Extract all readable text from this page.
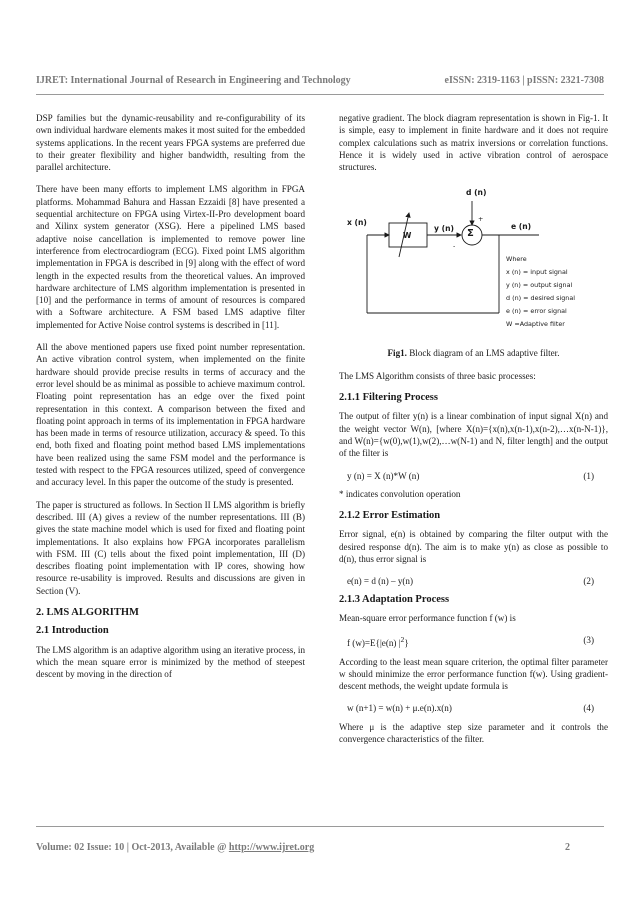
IJRET: International Journal of Research in Engineering and Technology	eISSN: 2319-1163 | pISSN: 2321-7308

DSP families but the dynamic-reusability and re-configurability of its own individual hardware elements makes it most suited for the embedded systems applications. In the recent years FPGA systems are preferred due to their greater flexibility and higher bandwidth, resulting from the parallel architecture.

There have been many efforts to implement LMS algorithm in FPGA platforms. Mohammad Bahura and Hassan Ezzaidi [8] have presented a sequential architecture on FPGA using Virtex-II-Pro development board and Xilinx system generator (XSG). Here a pipelined LMS based adaptive noise cancellation is implemented to remove power line interference from electrocardiogram (ECG). Fixed point LMS algorithm implementation in FPGA is described in [9] along with the effect of word length in the expected results from the theoretical values. An improved hardware architecture of LMS algorithm implementation is presented in [10] and the performance in terms of amount of resources is compared with a Software architecture. A FSM based LMS adaptive filter implemented for Active Noise control systems is described in [11].

All the above mentioned papers use fixed point number representation. An active vibration control system, when implemented on the finite hardware should provide precise results in terms of accuracy and the error level should be as minimal as possible to achieve maximum control. Floating point representation has an edge over the fixed point representation in this context. A comparison between the fixed and floating point approach in terms of its implementation in FPGA hardware has been made in terms of resource utilization, accuracy & speed. To this end, both fixed and floating point method based LMS implementations have been realized using the same FSM model and the performance is tested with respect to the FPGA resources utilized, speed of convergence and accuracy level. In this paper the outcome of the study is presented.

The paper is structured as follows. In Section II LMS algorithm is briefly described. III (A) gives a review of the number representations. III (B) gives the state machine model which is used for fixed and floating point implementations. It also explains how FPGA incorporates parallelism with FSM. III (C) tells about the fixed point implementation, III (D) describes floating point implementation with IP cores, showing how resource re-usability is improved. Results and discussions are given in Section (V).

2. LMS ALGORITHM
2.1 Introduction

The LMS algorithm is an adaptive algorithm using an iterative process, in which the mean square error is minimized by the method of steepest descent by moving in the direction of

negative gradient. The block diagram representation is shown in Fig-1. It is simple, easy to implement in finite hardware and it does not require complex calculations such as matrix inversions or correlation functions. Hence it is widely used in active vibration control of aerospace structures.

d (n)
x (n)
W
y (n) Σ
+
-
e (n)
Where
x (n) = input signal
y (n) = output signal
d (n) = desired signal
e (n) = error signal
W =Adaptive filter
Fig1. Block diagram of an LMS adaptive filter.

The LMS Algorithm consists of three basic processes:

2.1.1 Filtering Process

The output of filter y(n) is a linear combination of input signal X(n) and the weight vector W(n), [where X(n)={x(n),x(n-1),x(n-2),…x(n-N-1)}, and W(n)={w(0),w(1),w(2),…w(N-1) and N, filter length] and the output of the filter is

y (n) = X (n)*W (n)	(1)
* indicates convolution operation
2.1.2 Error Estimation

Error signal, e(n) is obtained by comparing the filter output with the desired response d(n). The aim is to make y(n) as close as possible to d(n), thus error signal is

e(n) = d (n) – y(n)	(2)
2.1.3 Adaptation Process

Mean-square error performance function f (w) is

f (w)=E{|e(n) $|^2$}	(3)

According to the least mean square criterion, the optimal filter parameter w should minimize the error performance function f(w). Using gradient-descent methods, the weight update formula is

w (n+1) = w(n) + μ.e(n).x(n)	(4)

Where μ is the adaptive step size parameter and it controls the convergence characteristics of the filter.

Volume: 02 Issue: 10 | Oct-2013, Available @ http://www.ijret.org	2
